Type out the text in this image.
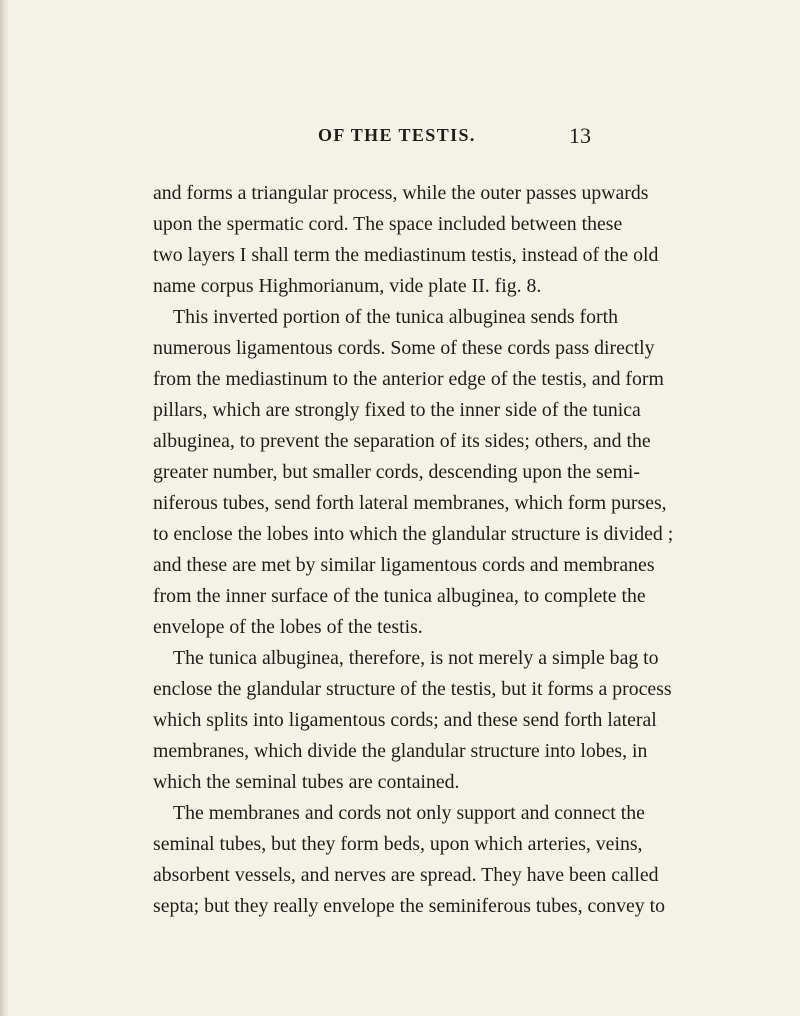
OF THE TESTIS.	13
and forms a triangular process, while the outer passes upwards
upon the spermatic cord. The space included between these
two layers I shall term the mediastinum testis, instead of the old
name corpus Highmorianum, vide plate II. fig. 8.
This inverted portion of the tunica albuginea sends forth
numerous ligamentous cords. Some of these cords pass directly
from the mediastinum to the anterior edge of the testis, and form
pillars, which are strongly fixed to the inner side of the tunica
albuginea, to prevent the separation of its sides; others, and the
greater number, but smaller cords, descending upon the semi-
niferous tubes, send forth lateral membranes, which form purses,
to enclose the lobes into which the glandular structure is divided ;
and these are met by similar ligamentous cords and membranes
from the inner surface of the tunica albuginea, to complete the
envelope of the lobes of the testis.
The tunica albuginea, therefore, is not merely a simple bag to
enclose the glandular structure of the testis, but it forms a process
which splits into ligamentous cords; and these send forth lateral
membranes, which divide the glandular structure into lobes, in
which the seminal tubes are contained.
The membranes and cords not only support and connect the
seminal tubes, but they form beds, upon which arteries, veins,
absorbent vessels, and nerves are spread. They have been called
septa; but they really envelope the seminiferous tubes, convey to
